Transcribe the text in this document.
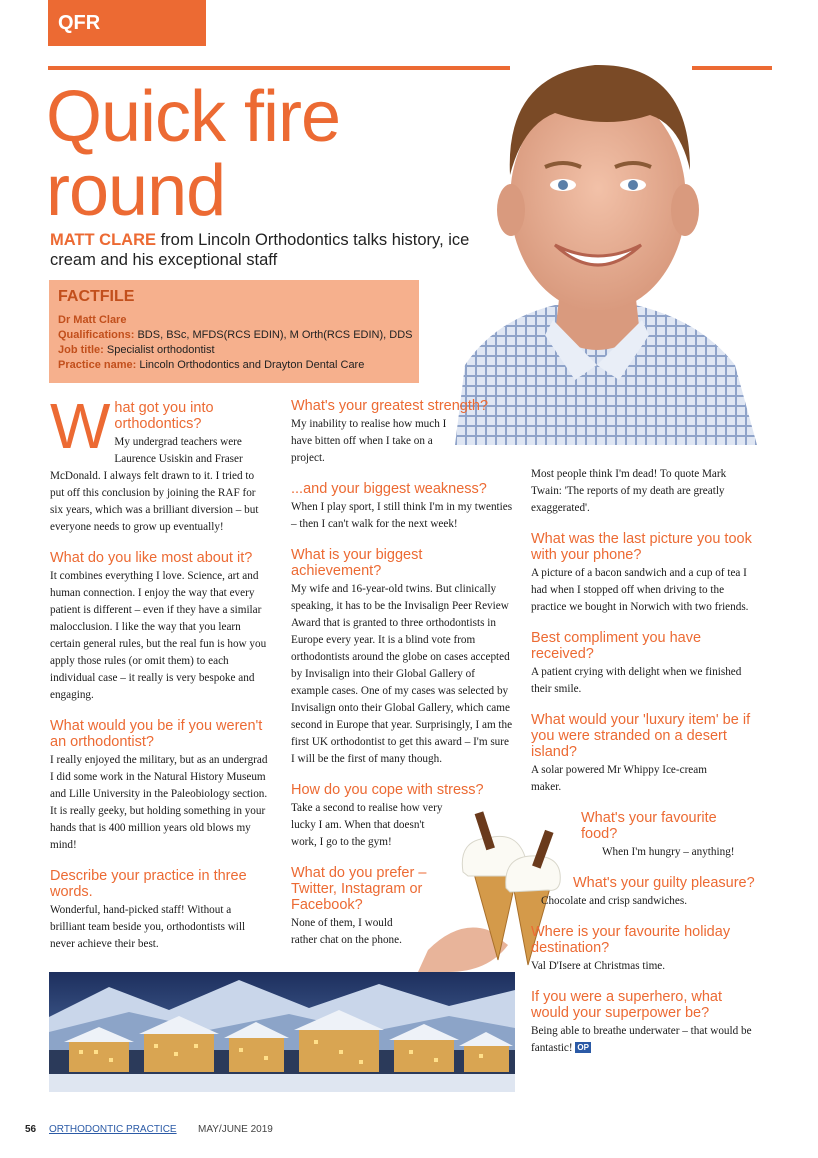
QFR
Quick fire
round
MATT CLARE from Lincoln Orthodontics talks history, ice cream and his exceptional staff
FACTFILE
Dr Matt Clare
Qualifications: BDS, BSc, MFDS(RCS EDIN), M Orth(RCS EDIN), DDS
Job title: Specialist orthodontist
Practice name: Lincoln Orthodontics and Drayton Dental Care
W hat got you into orthodontics?
My undergrad teachers were Laurence Usiskin and Fraser McDonald. I always felt drawn to it. I tried to put off this conclusion by joining the RAF for six years, which was a brilliant diversion – but everyone needs to grow up eventually!
What do you like most about it?
It combines everything I love. Science, art and human connection. I enjoy the way that every patient is different – even if they have a similar malocclusion. I like the way that you learn certain general rules, but the real fun is how you apply those rules (or omit them) to each individual case – it really is very bespoke and engaging.
What would you be if you weren't an orthodontist?
I really enjoyed the military, but as an undergrad I did some work in the Natural History Museum and Lille University in the Paleobiology section. It is really geeky, but holding something in your hands that is 400 million years old blows my mind!
Describe your practice in three words.
Wonderful, hand-picked staff! Without a brilliant team beside you, orthodontists will never achieve their best.
What's your greatest strength?
My inability to realise how much I have bitten off when I take on a project.
...and your biggest weakness?
When I play sport, I still think I'm in my twenties – then I can't walk for the next week!
What is your biggest achievement?
My wife and 16-year-old twins. But clinically speaking, it has to be the Invisalign Peer Review Award that is granted to three orthodontists in Europe every year. It is a blind vote from orthodontists around the globe on cases accepted by Invisalign into their Global Gallery of example cases. One of my cases was selected by Invisalign onto their Global Gallery, which came second in Europe that year. Surprisingly, I am the first UK orthodontist to get this award – I'm sure I will be the first of many though.
How do you cope with stress?
Take a second to realise how very lucky I am. When that doesn't work, I go to the gym!
What do you prefer – Twitter, Instagram or Facebook?
None of them, I would rather chat on the phone.
Most people think I'm dead! To quote Mark Twain: 'The reports of my death are greatly exaggerated'.
What was the last picture you took with your phone?
A picture of a bacon sandwich and a cup of tea I had when I stopped off when driving to the practice we bought in Norwich with two friends.
Best compliment you have received?
A patient crying with delight when we finished their smile.
What would your 'luxury item' be if you were stranded on a desert island?
A solar powered Mr Whippy Ice-cream maker.
What's your favourite food?
When I'm hungry – anything!
What's your guilty pleasure?
Chocolate and crisp sandwiches.
Where is your favourite holiday destination?
Val D'Isere at Christmas time.
If you were a superhero, what would your superpower be?
Being able to breathe underwater – that would be fantastic! OP
56 ORTHODONTIC PRACTICE MAY/JUNE 2019
